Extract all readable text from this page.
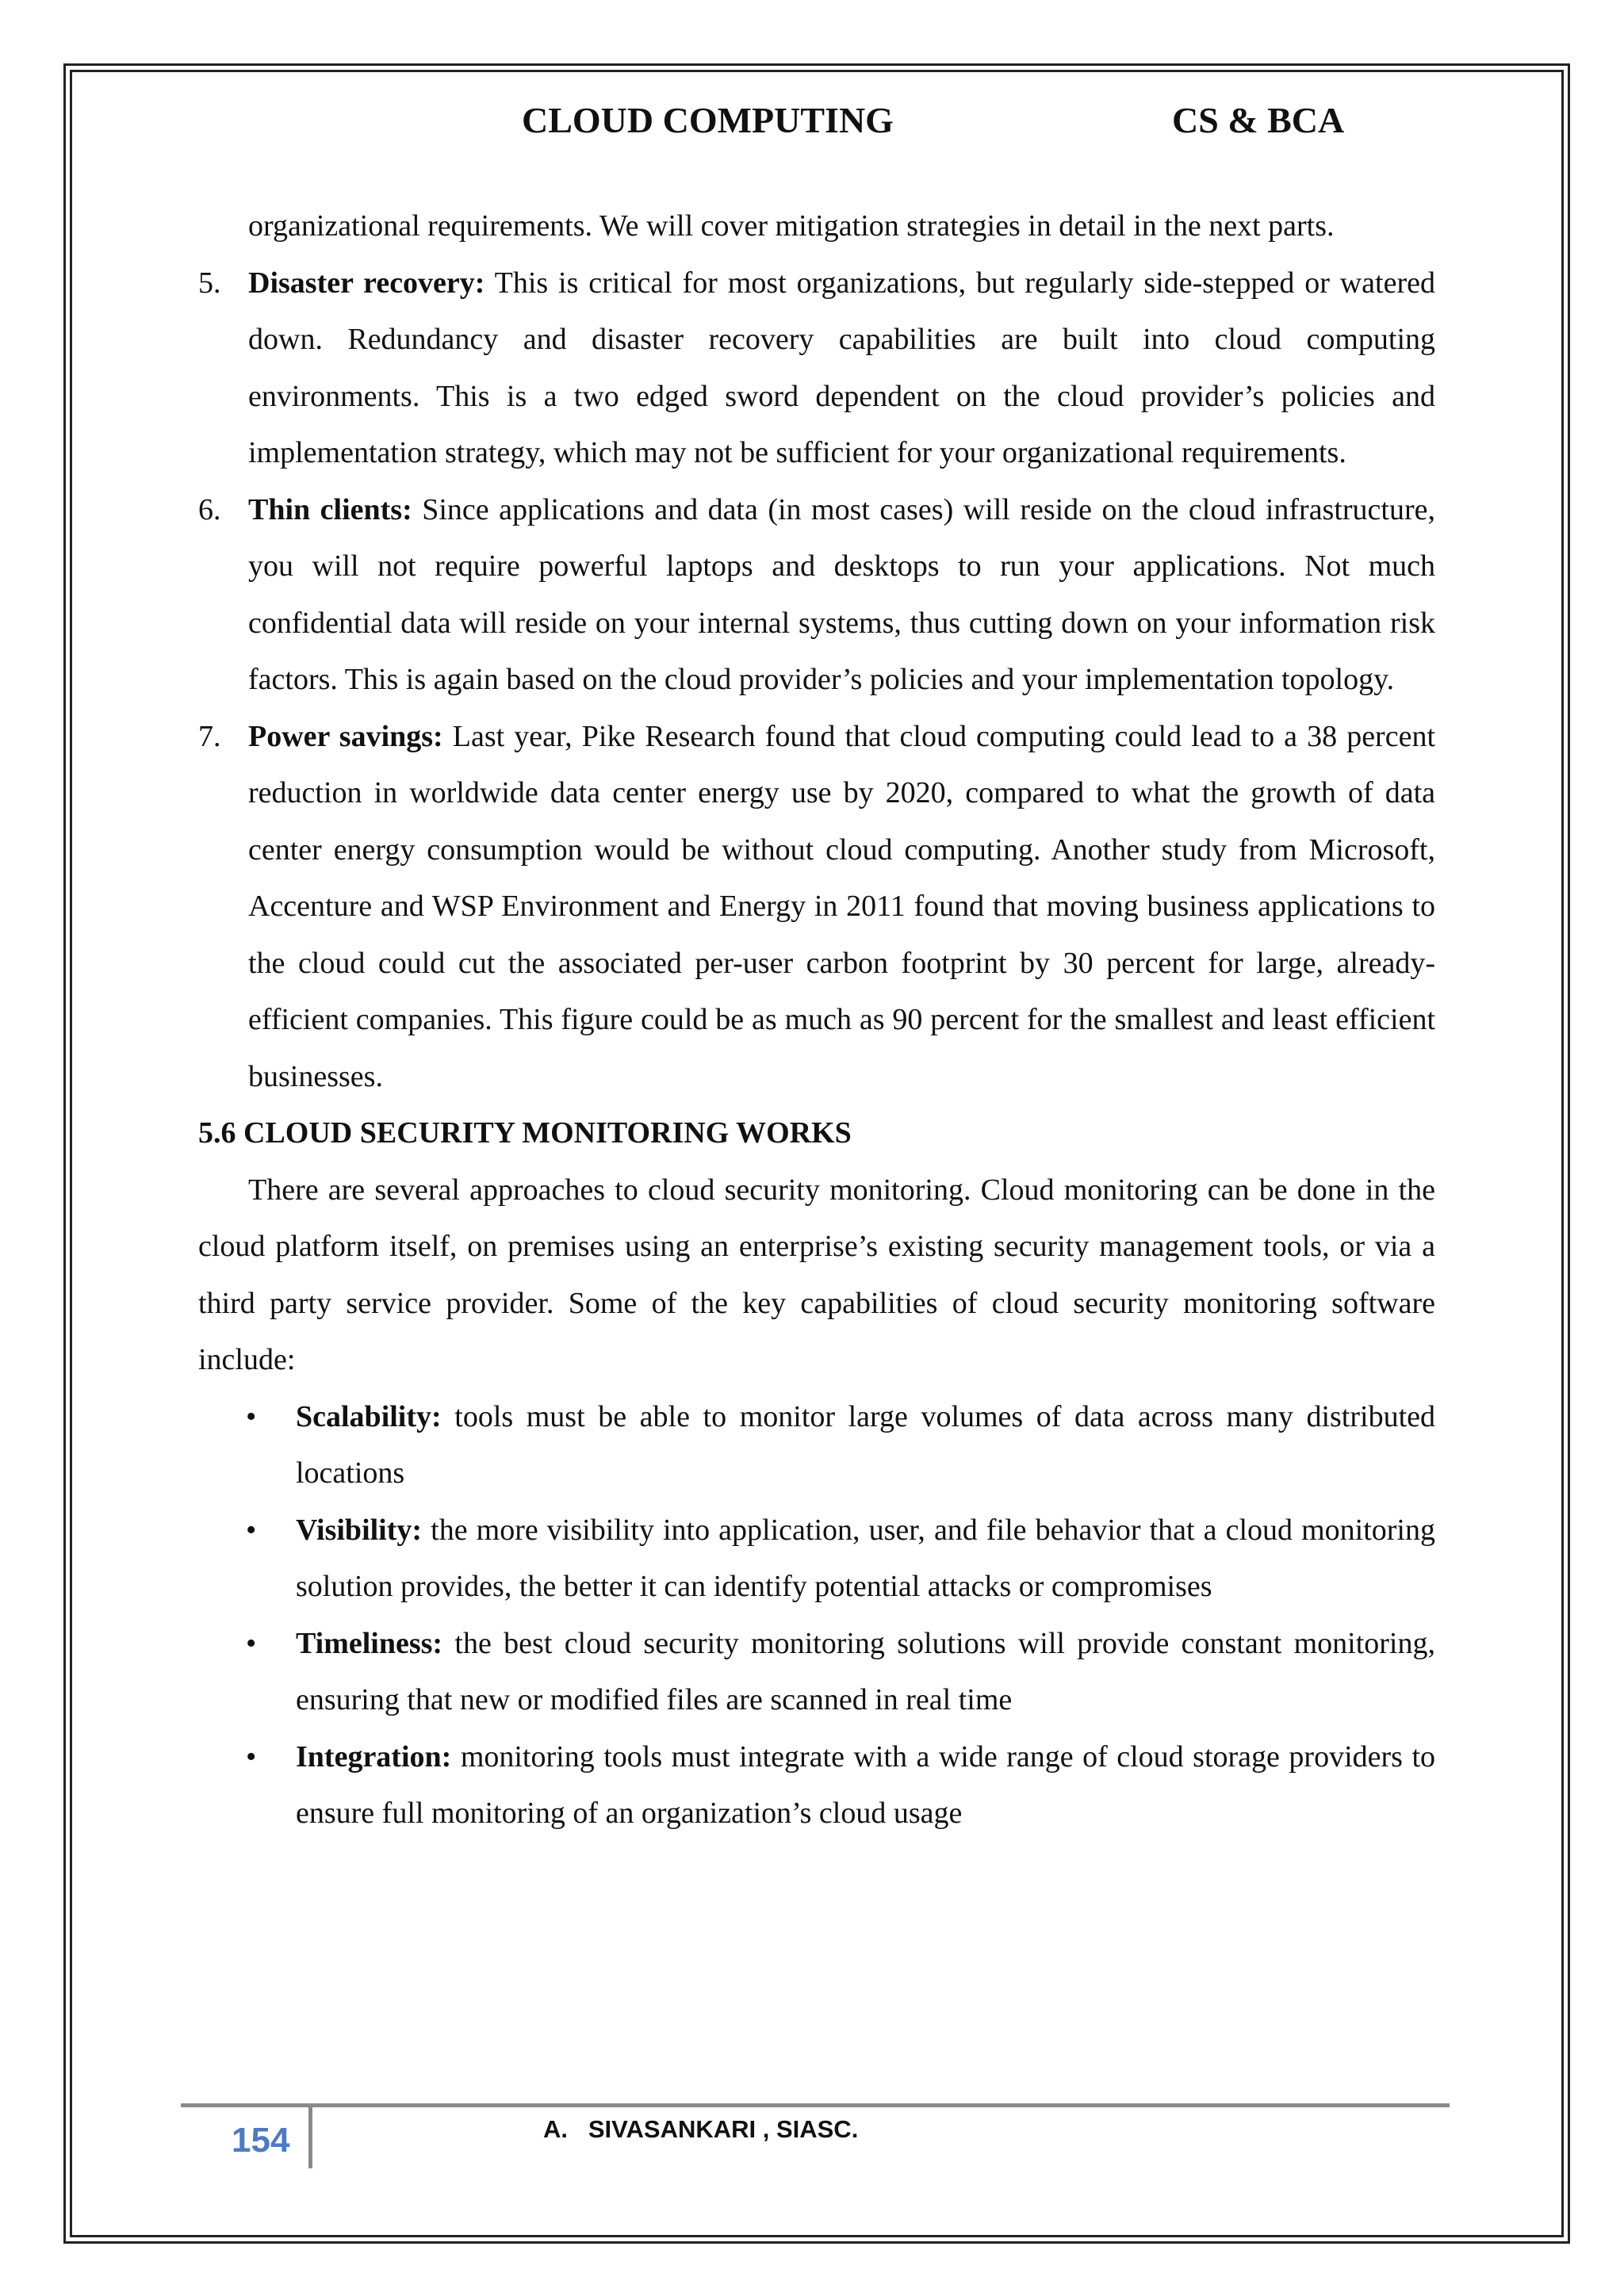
CLOUD COMPUTING	CS & BCA

organizational requirements. We will cover mitigation strategies in detail in the next parts.

5. Disaster recovery: This is critical for most organizations, but regularly side-stepped or watered down. Redundancy and disaster recovery capabilities are built into cloud computing environments. This is a two edged sword dependent on the cloud provider’s policies and implementation strategy, which may not be sufficient for your organizational requirements.

6. Thin clients: Since applications and data (in most cases) will reside on the cloud infrastructure, you will not require powerful laptops and desktops to run your applications. Not much confidential data will reside on your internal systems, thus cutting down on your information risk factors. This is again based on the cloud provider’s policies and your implementation topology.

7. Power savings: Last year, Pike Research found that cloud computing could lead to a 38 percent reduction in worldwide data center energy use by 2020, compared to what the growth of data center energy consumption would be without cloud computing. Another study from Microsoft, Accenture and WSP Environment and Energy in 2011 found that moving business applications to the cloud could cut the associated per-user carbon footprint by 30 percent for large, already-efficient companies. This figure could be as much as 90 percent for the smallest and least efficient businesses.

5.6 CLOUD SECURITY MONITORING WORKS

There are several approaches to cloud security monitoring. Cloud monitoring can be done in the cloud platform itself, on premises using an enterprise’s existing security management tools, or via a third party service provider. Some of the key capabilities of cloud security monitoring software include:

• Scalability: tools must be able to monitor large volumes of data across many distributed locations

• Visibility: the more visibility into application, user, and file behavior that a cloud monitoring solution provides, the better it can identify potential attacks or compromises

• Timeliness: the best cloud security monitoring solutions will provide constant monitoring, ensuring that new or modified files are scanned in real time

• Integration: monitoring tools must integrate with a wide range of cloud storage providers to ensure full monitoring of an organization’s cloud usage

154	A.   SIVASANKARI , SIASC.
